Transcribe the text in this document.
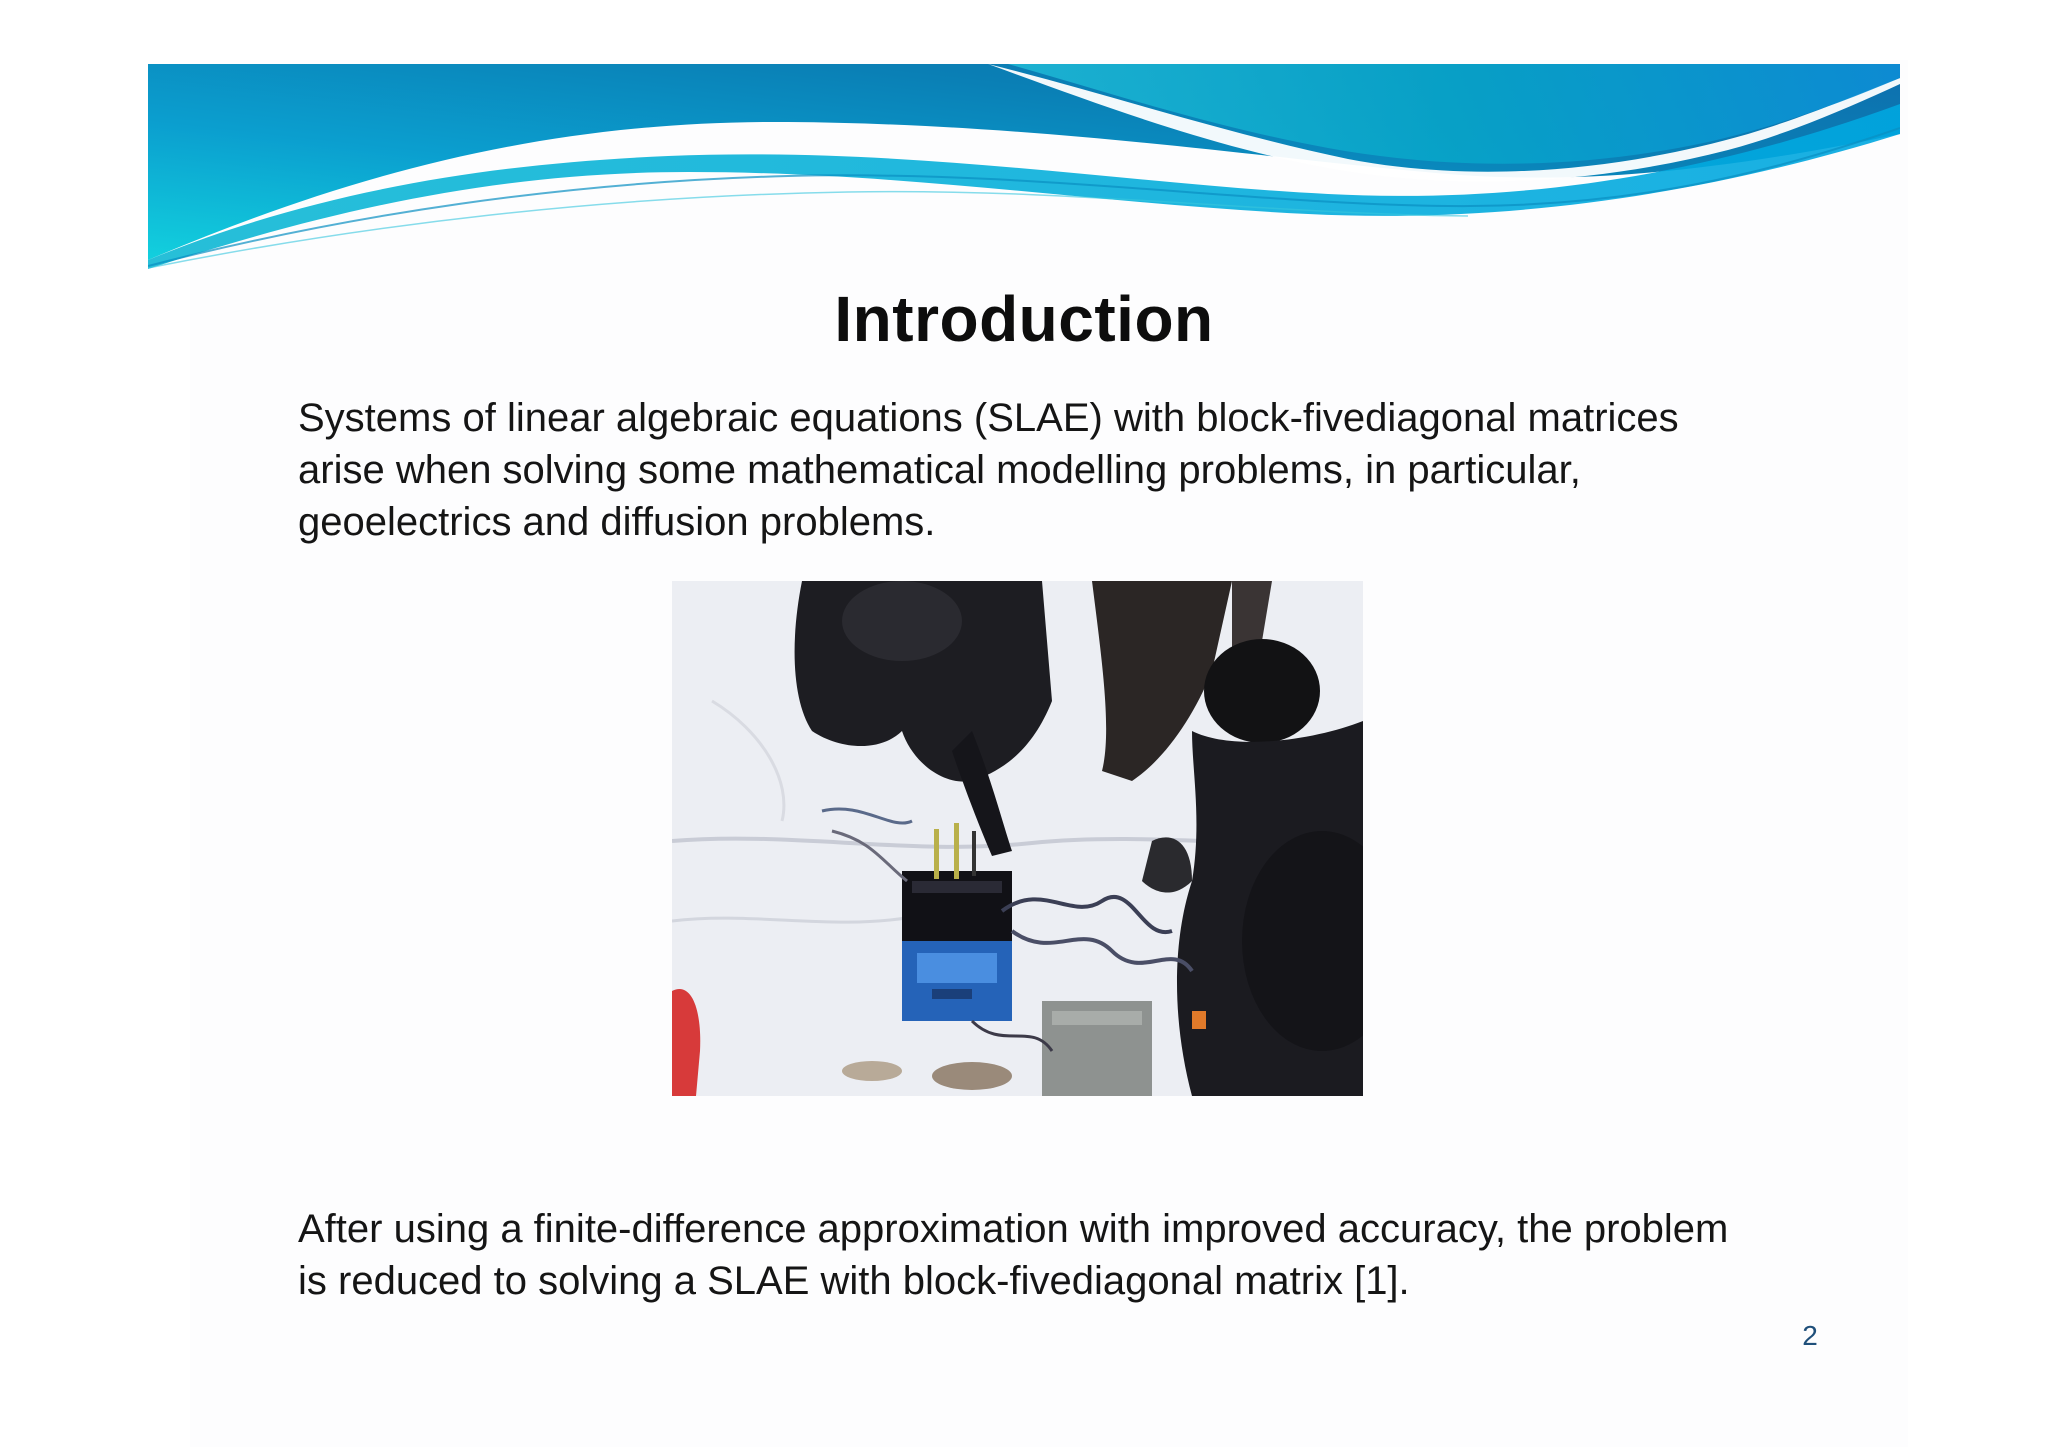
Introduction

Systems of linear algebraic equations (SLAE) with block-fivediagonal matrices arise when solving some mathematical modelling problems, in particular, geoelectrics and diffusion problems.

After using a finite-difference approximation with improved accuracy, the problem is reduced to solving a SLAE with block-fivediagonal matrix [1].

2
